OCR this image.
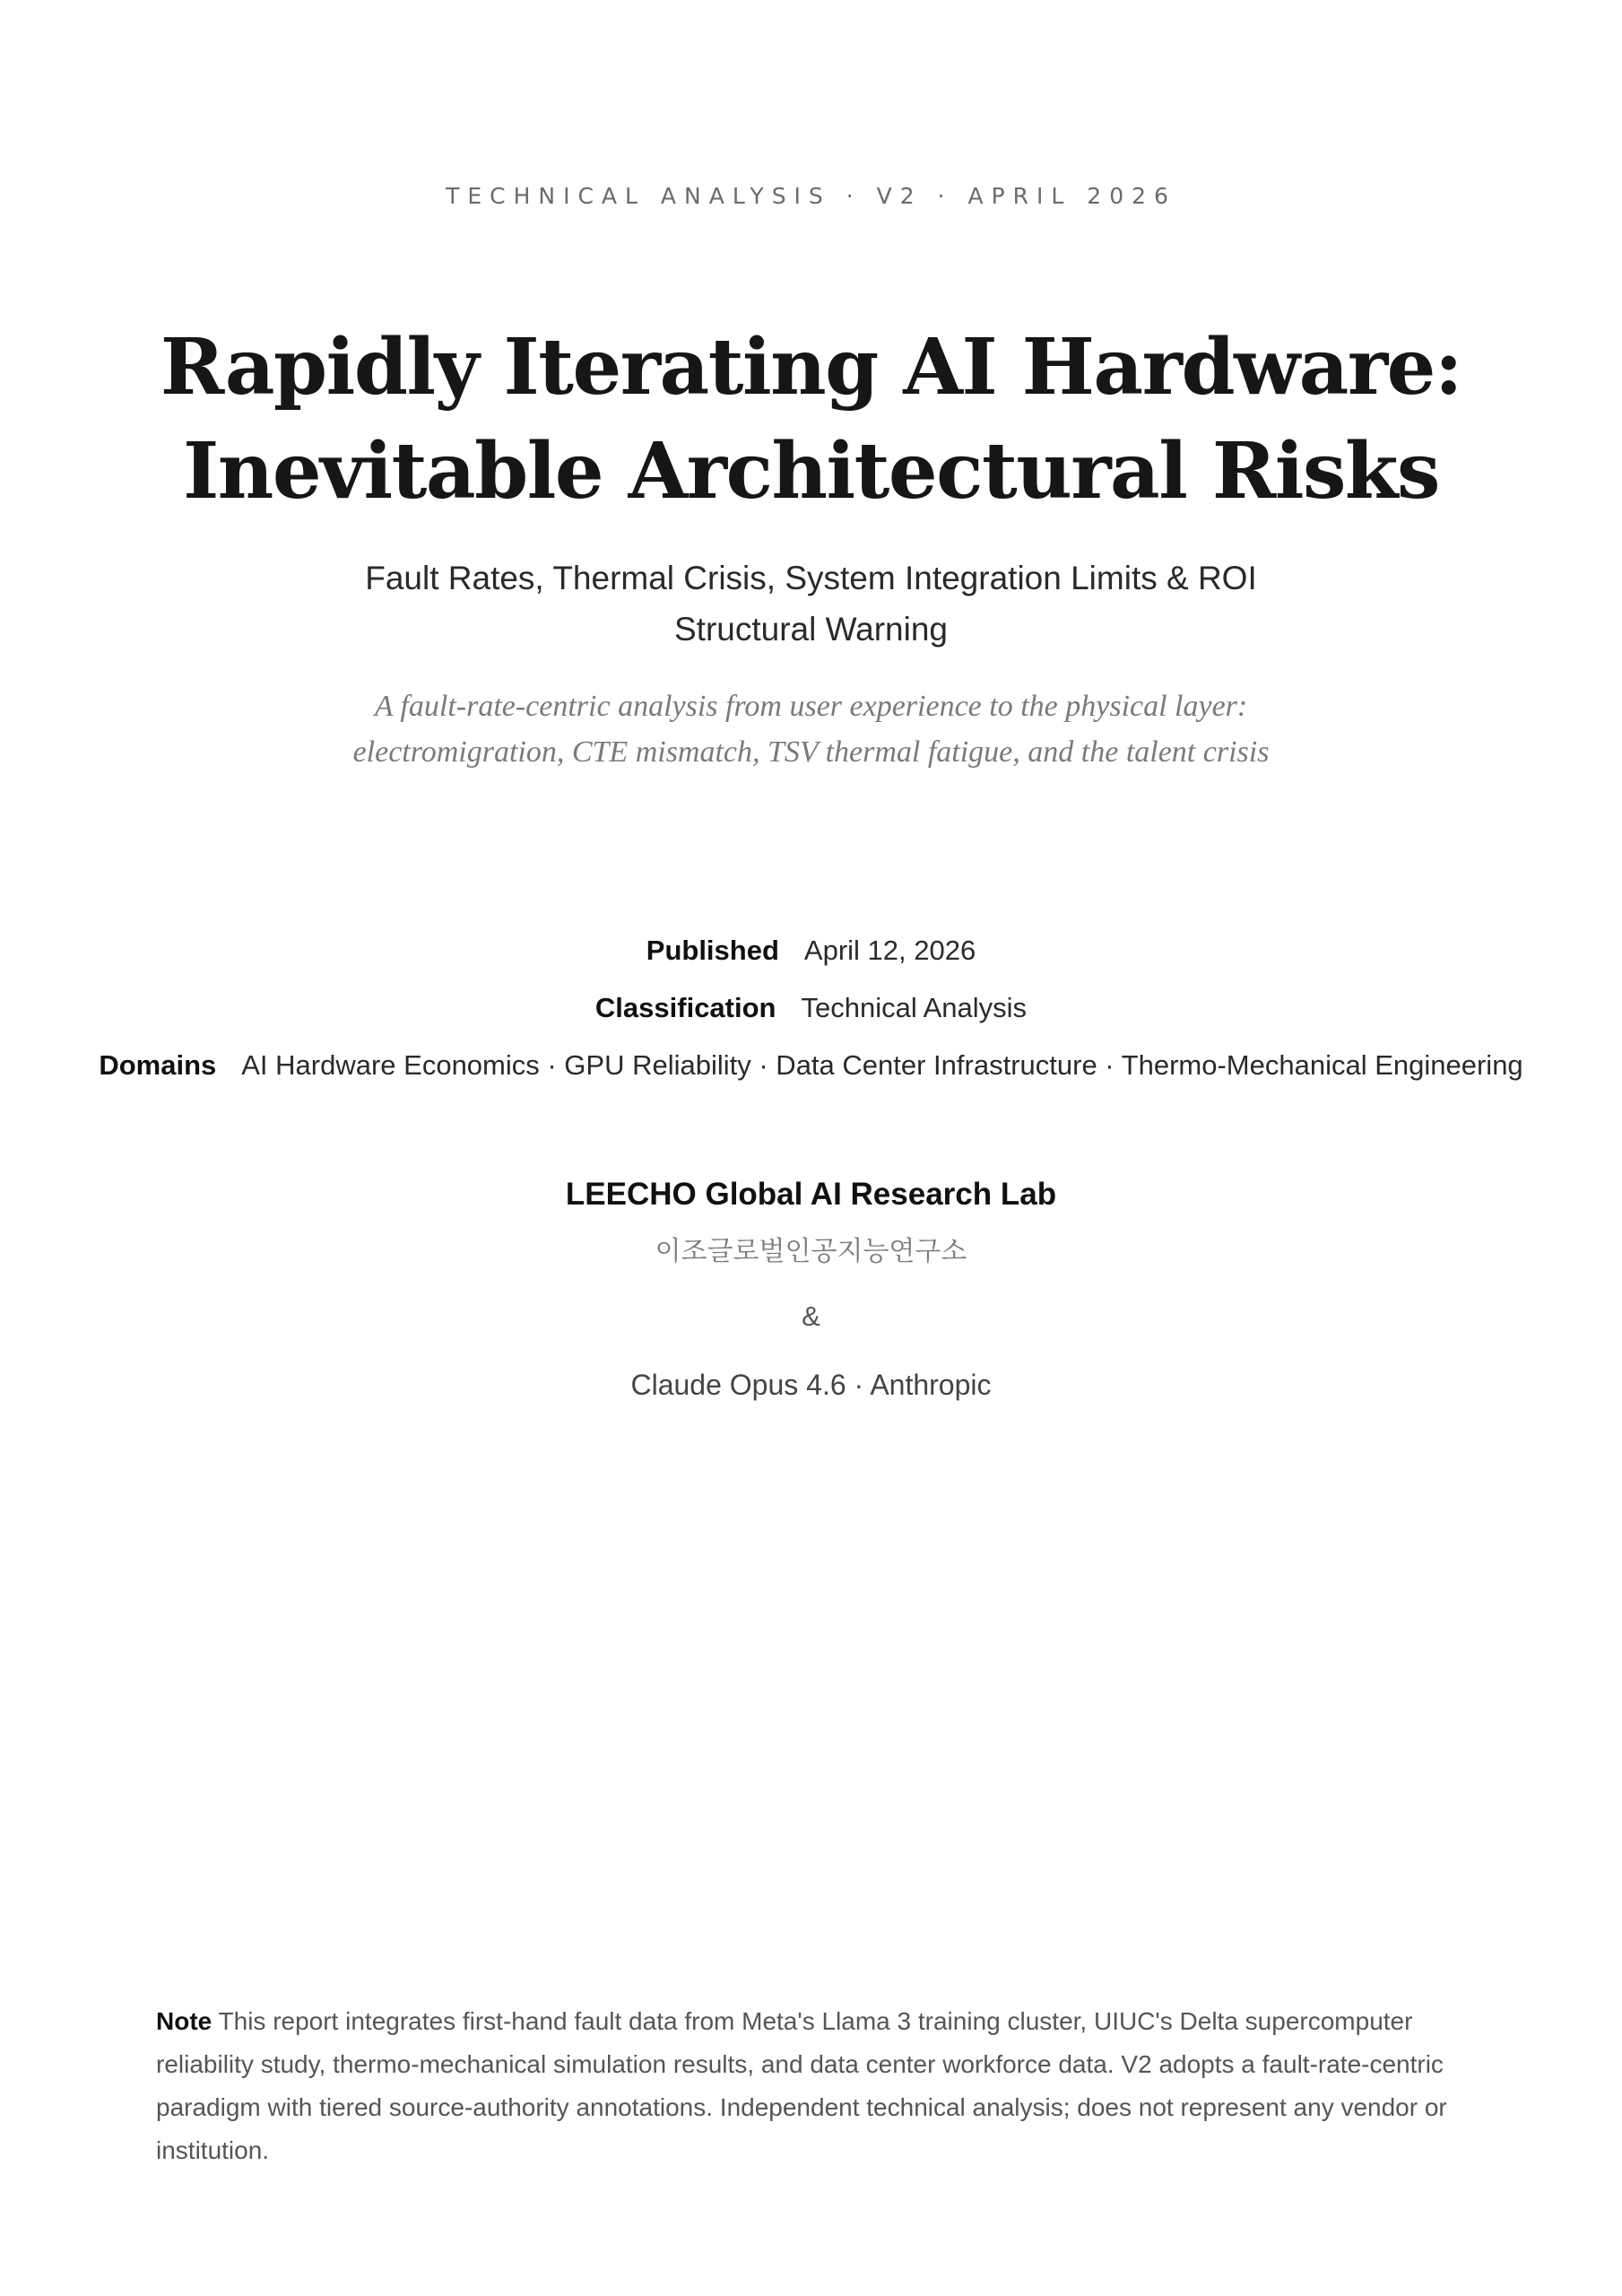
TECHNICAL ANALYSIS · V2 · APRIL 2026
Rapidly Iterating AI Hardware:
Inevitable Architectural Risks
Fault Rates, Thermal Crisis, System Integration Limits & ROI
Structural Warning
A fault-rate-centric analysis from user experience to the physical layer:
electromigration, CTE mismatch, TSV thermal fatigue, and the talent crisis
Published April 12, 2026
Classification Technical Analysis
Domains AI Hardware Economics · GPU Reliability · Data Center Infrastructure · Thermo-Mechanical Engineering
LEECHO Global AI Research Lab
이조글로벌인공지능연구소
&
Claude Opus 4.6 · Anthropic
Note This report integrates first-hand fault data from Meta's Llama 3 training cluster, UIUC's Delta supercomputer reliability study, thermo-mechanical simulation results, and data center workforce data. V2 adopts a fault-rate-centric paradigm with tiered source-authority annotations. Independent technical analysis; does not represent any vendor or institution.
